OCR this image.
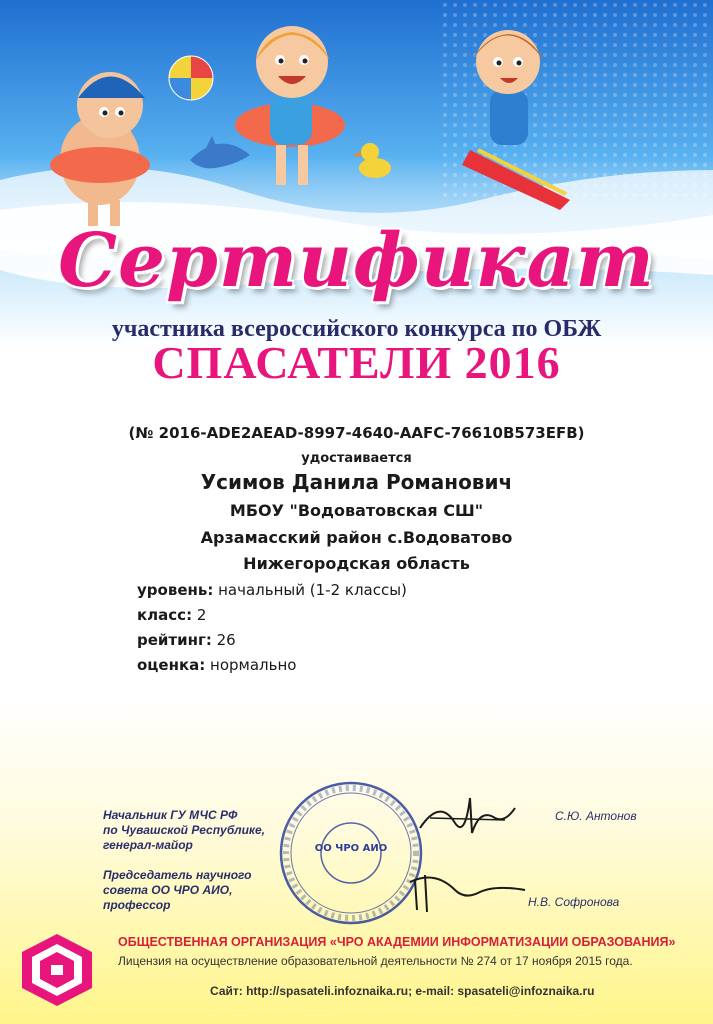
Сертификат
участника всероссийского конкурса по ОБЖ
СПАСАТЕЛИ 2016
(№ 2016-ADE2AEAD-8997-4640-AAFC-76610B573EFB)
удостаивается
Усимов Данила Романович
МБОУ "Водоватовская СШ"
Арзамасский район с.Водоватово
Нижегородская область
уровень: начальный (1-2 классы)
класс: 2
рейтинг: 26
оценка: нормально
Начальник ГУ МЧС РФ
по Чувашской Республике,
генерал-майор
Председатель научного
совета ОО ЧРО АИО,
профессор
ОО ЧРО АИО
С.Ю. Антонов
Н.В. Софронова
ОБЩЕСТВЕННАЯ ОРГАНИЗАЦИЯ «ЧРО АКАДЕМИИ ИНФОРМАТИЗАЦИИ ОБРАЗОВАНИЯ»
Лицензия на осуществление образовательной деятельности № 274 от 17 ноября 2015 года.
Сайт: http://spasateli.infoznaika.ru; e-mail: spasateli@infoznaika.ru
